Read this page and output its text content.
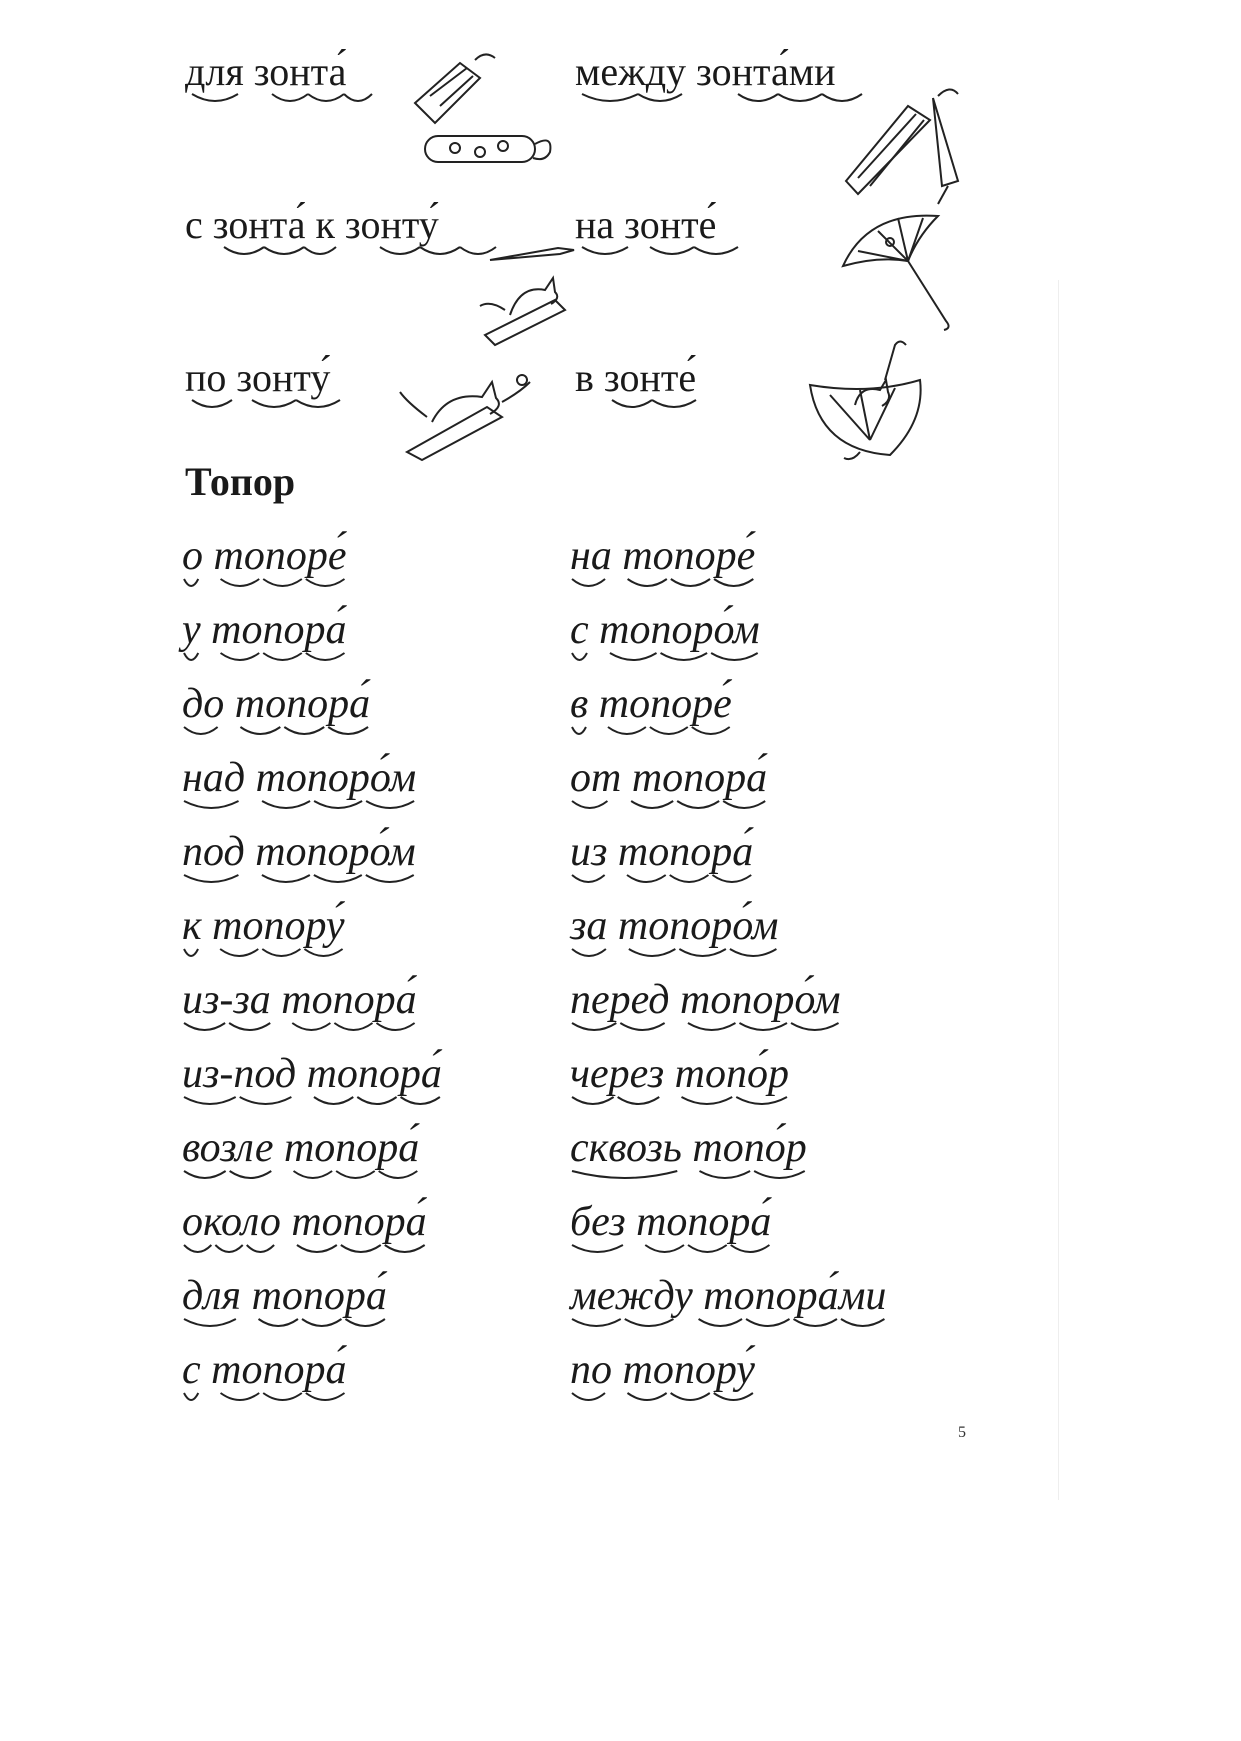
для зонта́	между зонта́ми
с зонта́ к зонту́	на зонте́
по зонту́	в зонте́
Топор
о топоре́	на топоре́
у топора́	с топоро́м
до топора́	в топоре́
над топоро́м	от топора́
под топоро́м	из топора́
к топору́	за топоро́м
из-за топора́	перед топоро́м
из-под топора́	через топо́р
возле топора́	сквозь топо́р
около топора́	без топора́
для топора́	между топора́ми
с топора́	по топору́
5
